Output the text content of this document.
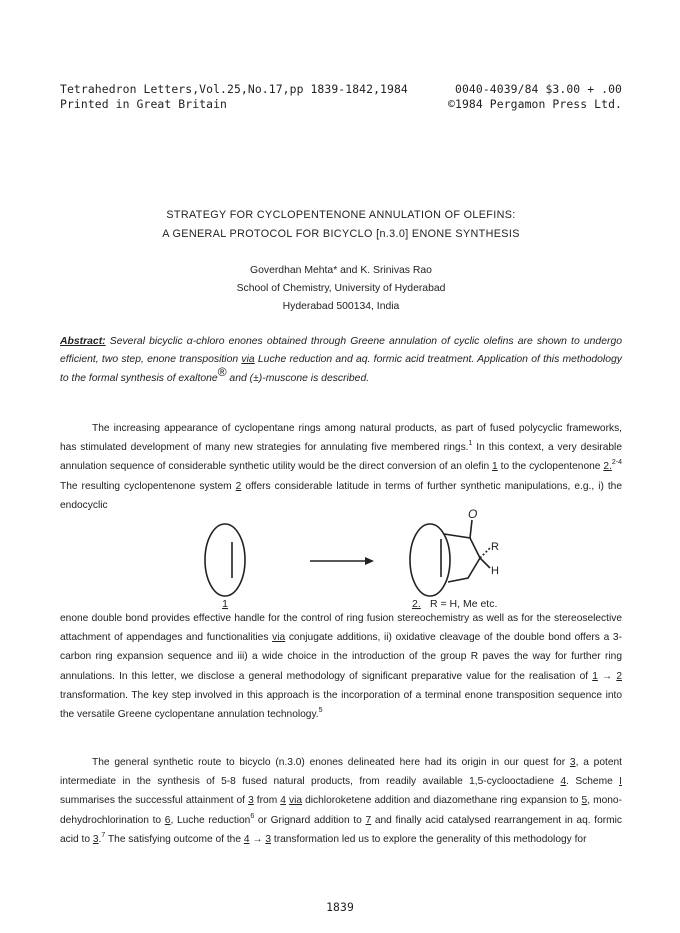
Tetrahedron Letters,Vol.25,No.17,pp 1839-1842,1984	0040-4039/84 $3.00 + .00
Printed in Great Britain	©1984 Pergamon Press Ltd.
STRATEGY FOR CYCLOPENTENONE ANNULATION OF OLEFINS:
A GENERAL PROTOCOL FOR BICYCLO [n.3.0] ENONE SYNTHESIS
Goverdhan Mehta* and K. Srinivas Rao
School of Chemistry, University of Hyderabad
Hyderabad 500134, India
Abstract: Several bicyclic α-chloro enones obtained through Greene annulation of cyclic olefins are shown to undergo efficient, two step, enone transposition via Luche reduction and aq. formic acid treatment. Application of this methodology to the formal synthesis of exaltone® and (±)-muscone is described.
The increasing appearance of cyclopentane rings among natural products, as part of fused polycyclic frameworks, has stimulated development of many new strategies for annulating five membered rings.$^1$ In this context, a very desirable annulation sequence of considerable synthetic utility would be the direct conversion of an olefin 1 to the cyclopentenone 2.$^{2-4}$ The resulting cyclopentenone system 2 offers considerable latitude in terms of further synthetic manipulations, e.g., i) the endocyclic
O
R
H
1	2. R = H, Me etc.
enone double bond provides effective handle for the control of ring fusion stereochemistry as well as for the stereoselective attachment of appendages and functionalities via conjugate additions, ii) oxidative cleavage of the double bond offers a 3-carbon ring expansion sequence and iii) a wide choice in the introduction of the group R paves the way for further ring annulations. In this letter, we disclose a general methodology of significant preparative value for the realisation of 1 → 2 transformation. The key step involved in this approach is the incorporation of a terminal enone transposition sequence into the versatile Greene cyclopentane annulation technology.$^5$
The general synthetic route to bicyclo (n.3.0) enones delineated here had its origin in our quest for 3, a potent intermediate in the synthesis of 5-8 fused natural products, from readily available 1,5-cyclooctadiene 4. Scheme I summarises the successful attainment of 3 from 4 via dichloroketene addition and diazomethane ring expansion to 5, mono-dehydrochlorination to 6, Luche reduction$^6$ or Grignard addition to 7 and finally acid catalysed rearrangement in aq. formic acid to 3.$^7$ The satisfying outcome of the 4 → 3 transformation led us to explore the generality of this methodology for
1839
